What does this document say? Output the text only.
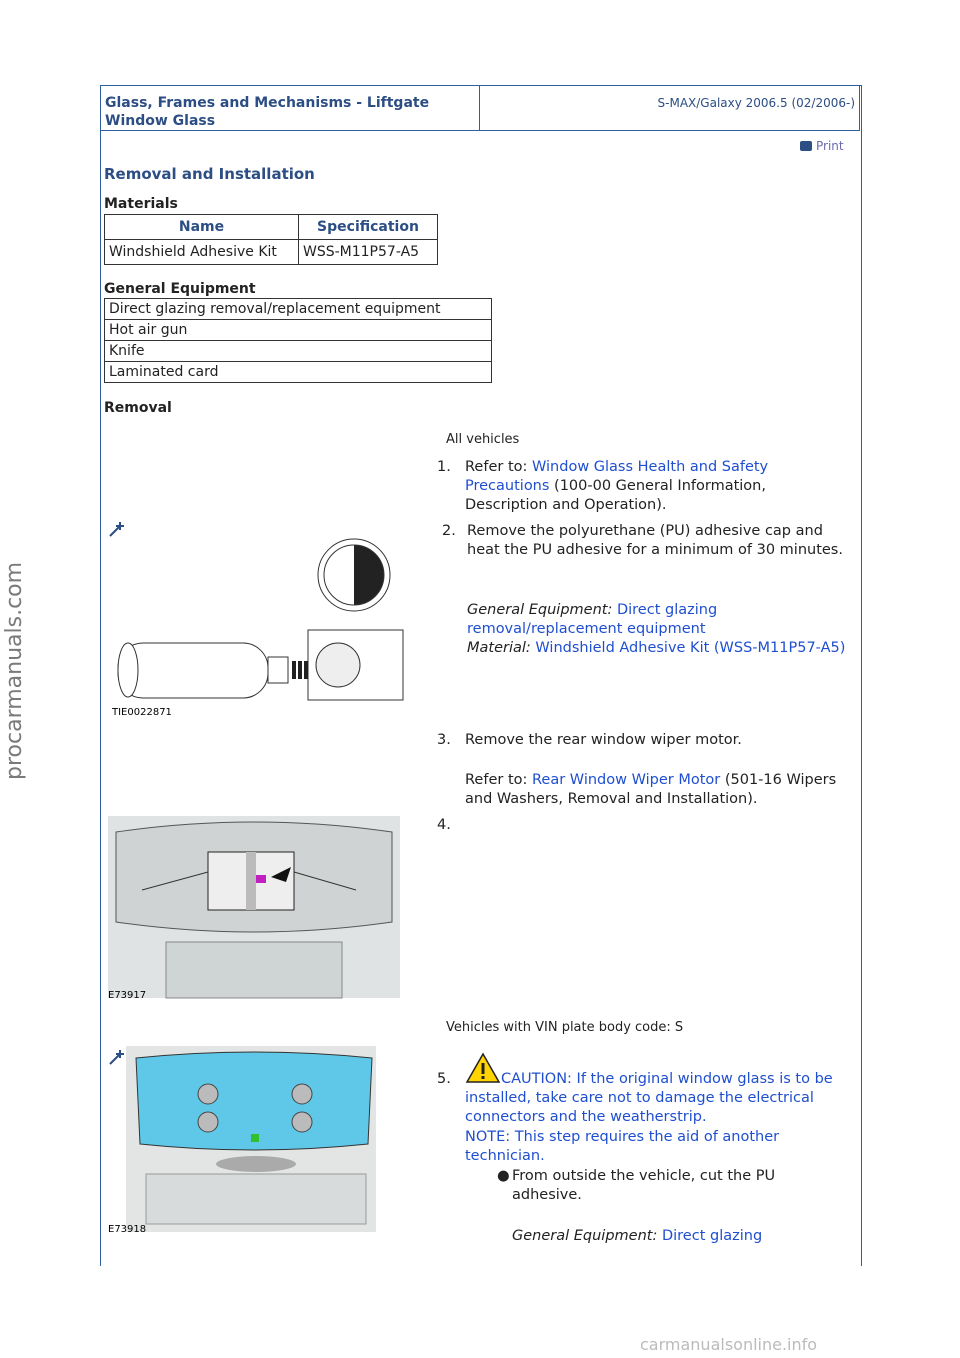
Glass, Frames and Mechanisms - Liftgate
Window Glass
S-MAX/Galaxy 2006.5 (02/2006-)
Print
Removal and Installation
Materials
Name	Specification
Windshield Adhesive Kit	WSS-M11P57-A5
General Equipment
Direct glazing removal/replacement equipment
Hot air gun
Knife
Laminated card
Removal
All vehicles
1. Refer to: Window Glass Health and Safety Precautions (100-00 General Information, Description and Operation).
TIE0022871
2. Remove the polyurethane (PU) adhesive cap and heat the PU adhesive for a minimum of 30 minutes.
General Equipment: Direct glazing removal/replacement equipment
Material: Windshield Adhesive Kit (WSS-M11P57-A5)
3. Remove the rear window wiper motor.
Refer to: Rear Window Wiper Motor (501-16 Wipers and Washers, Removal and Installation).
E73917
4.
Vehicles with VIN plate body code: S
E73918
5.	CAUTION: If the original window glass is to be installed, take care not to damage the electrical connectors and the weatherstrip.
NOTE: This step requires the aid of another technician.
● From outside the vehicle, cut the PU adhesive.
General Equipment: Direct glazing
procarmanuals.com
carmanualsonline.info
